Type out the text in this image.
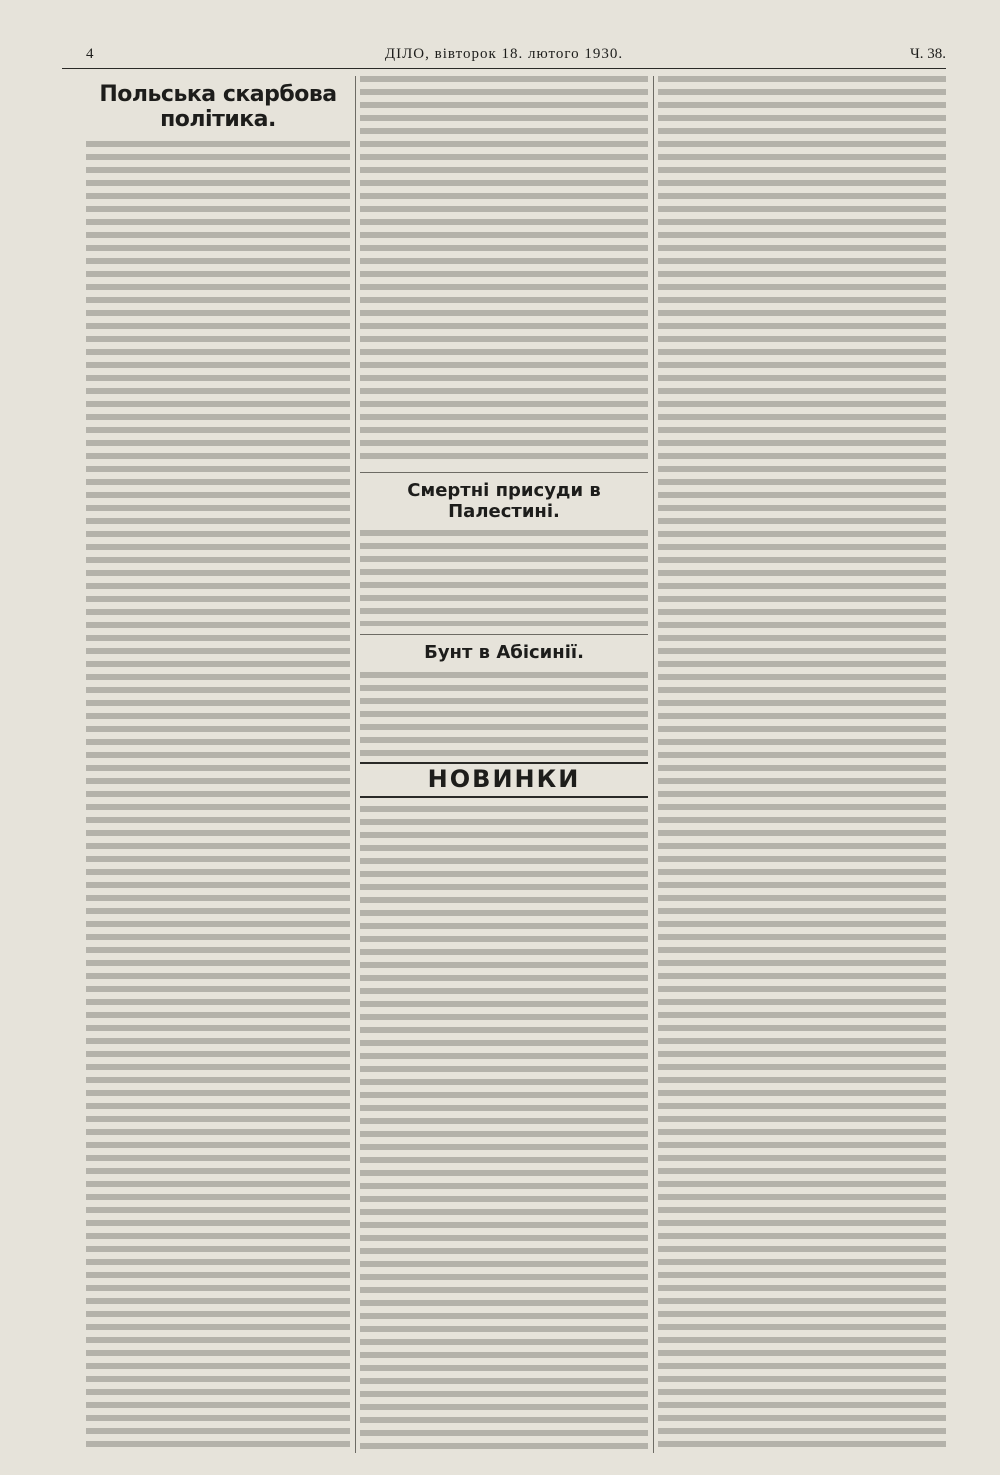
4	ДІЛО, вівторок 18. лютого 1930.	Ч. 38.
Польська скарбова політика.
Смертні присуди в Палестині.
Бунт в Абісинії.
НОВИНКИ
